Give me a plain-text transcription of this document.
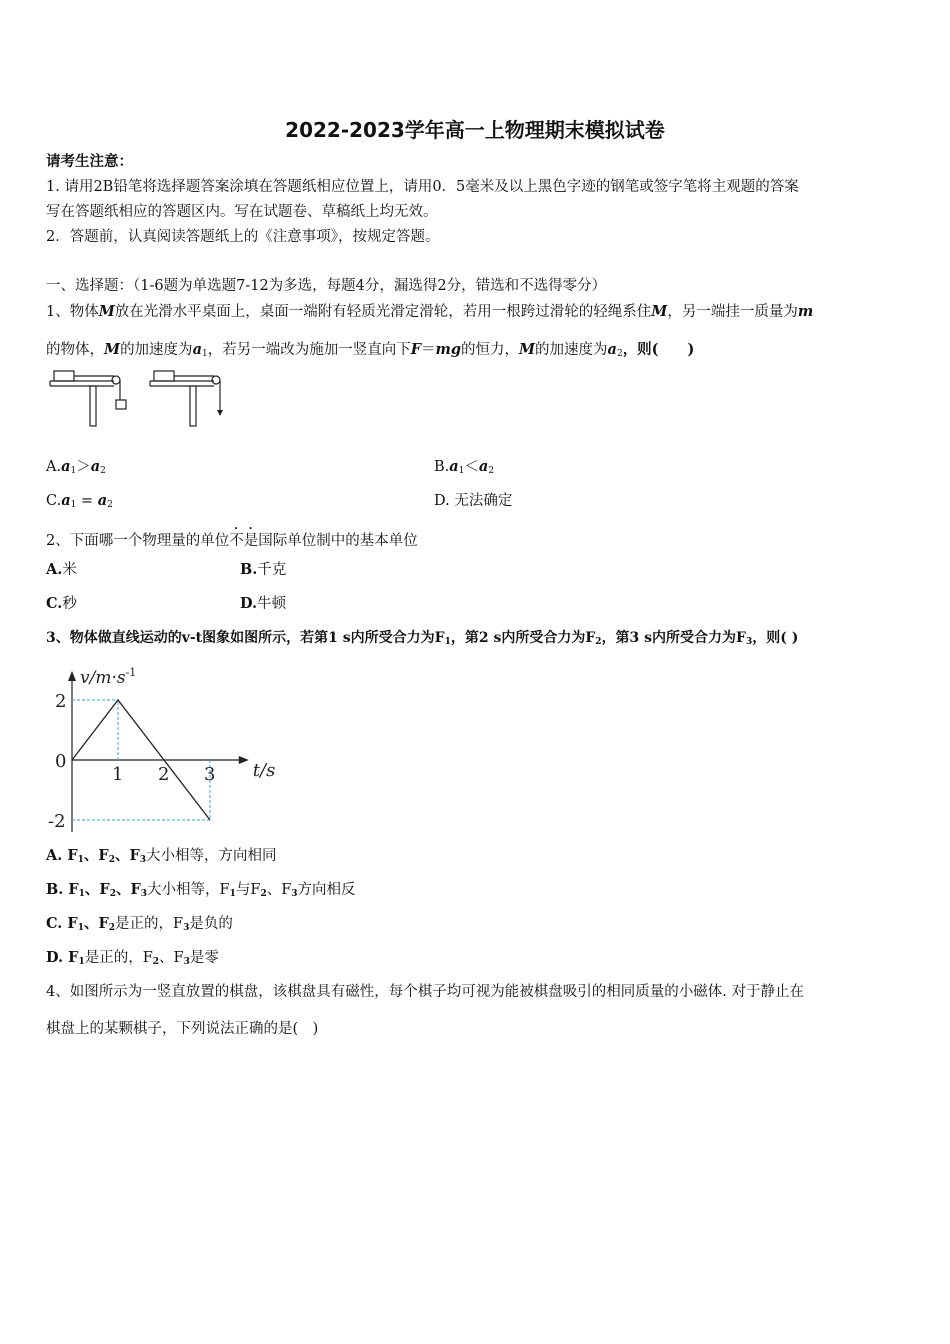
2022-2023学年高一上物理期末模拟试卷
请考生注意：
1. 请用2B铅笔将选择题答案涂填在答题纸相应位置上，请用0．5毫米及以上黑色字迹的钢笔或签字笔将主观题的答案
写在答题纸相应的答题区内。写在试题卷、草稿纸上均无效。
2．答题前，认真阅读答题纸上的《注意事项》，按规定答题。
一、选择题：（1-6题为单选题7-12为多选，每题4分，漏选得2分，错选和不选得零分）
1、物体M放在光滑水平桌面上，桌面一端附有轻质光滑定滑轮，若用一根跨过滑轮的轻绳系住M，另一端挂一质量为m
的物体，M的加速度为$a_1$，若另一端改为施加一竖直向下F＝mg的恒力，M的加速度为$a_2$，则(　　)
$A.a_1>a_2$	$B.a_1<a_2$
$C.a_1 = a_2$	D. 无法确定
2、下面哪一个物理量的单位不是国际单位制中的基本单位
A.米	B.千克
C.秒	D.牛顿
3、物体做直线运动的v-t图象如图所示，若第1 s内所受合力为$F_1$，第2 s内所受合力为$F_2$，第3 s内所受合力为$F_3$，则( )
1 2 3
2
0
-2
$v/m\cdot s^{-1}$
t/s
A. $F_1$、$F_2$、$F_3$大小相等，方向相同
B. $F_1$、$F_2$、$F_3$大小相等，$F_1$与$F_2$、$F_3$方向相反
C. $F_1$、$F_2$是正的，$F_3$是负的
D. $F_1$是正的，$F_2$、$F_3$是零
4、如图所示为一竖直放置的棋盘，该棋盘具有磁性，每个棋子均可视为能被棋盘吸引的相同质量的小磁体. 对于静止在
棋盘上的某颗棋子，下列说法正确的是(　)
